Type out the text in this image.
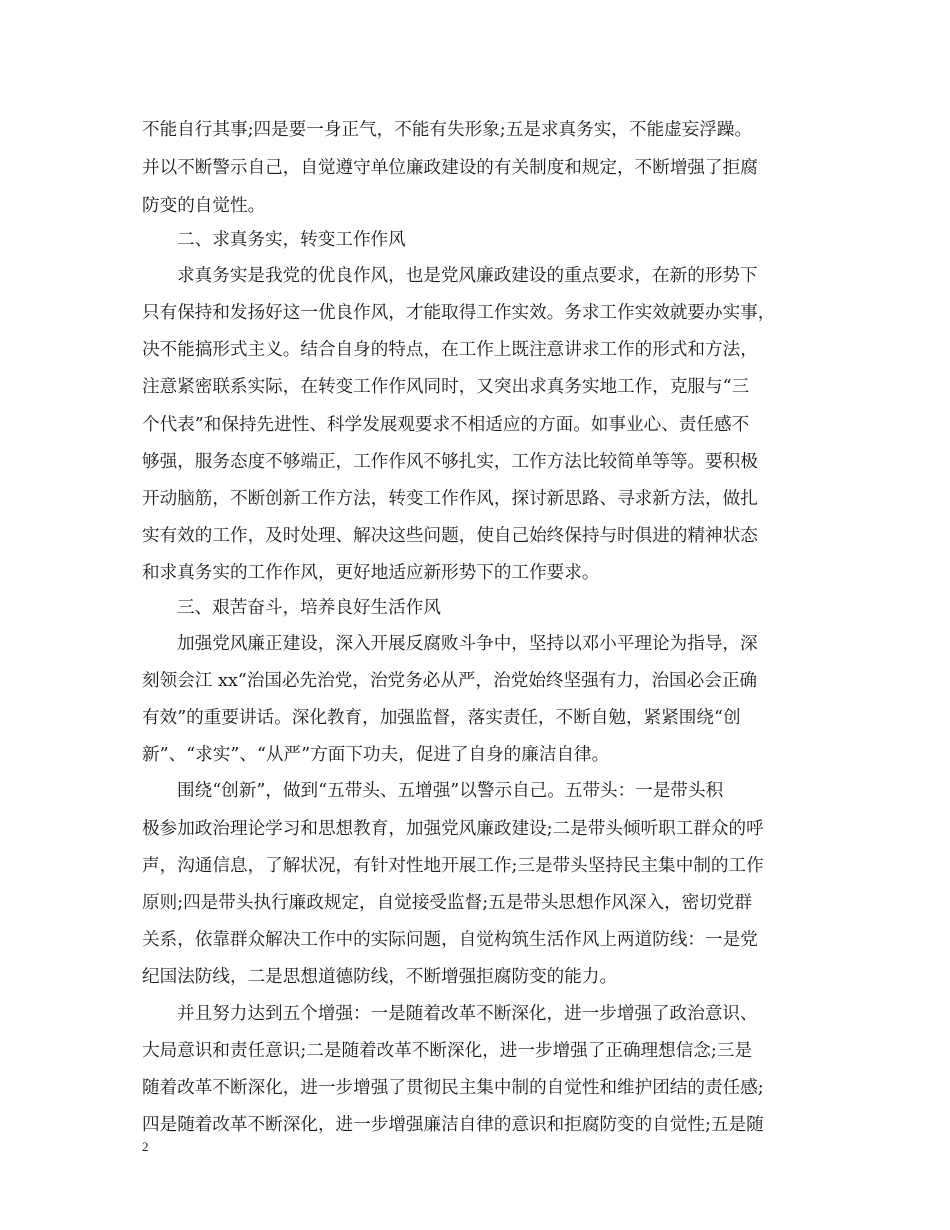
不能自行其事;四是要一身正气，不能有失形象;五是求真务实，不能虚妄浮躁。
并以不断警示自己，自觉遵守单位廉政建设的有关制度和规定，不断增强了拒腐
防变的自觉性。
二、求真务实，转变工作作风
求真务实是我党的优良作风，也是党风廉政建设的重点要求，在新的形势下
只有保持和发扬好这一优良作风，才能取得工作实效。务求工作实效就要办实事，
决不能搞形式主义。结合自身的特点，在工作上既注意讲求工作的形式和方法，
注意紧密联系实际，在转变工作作风同时，又突出求真务实地工作，克服与“三
个代表”和保持先进性、科学发展观要求不相适应的方面。如事业心、责任感不
够强，服务态度不够端正，工作作风不够扎实，工作方法比较简单等等。要积极
开动脑筋，不断创新工作方法，转变工作作风，探讨新思路、寻求新方法，做扎
实有效的工作，及时处理、解决这些问题，使自己始终保持与时俱进的精神状态
和求真务实的工作作风，更好地适应新形势下的工作要求。
三、艰苦奋斗，培养良好生活作风
加强党风廉正建设，深入开展反腐败斗争中，坚持以邓小平理论为指导，深
刻领会江 xx“治国必先治党，治党务必从严，治党始终坚强有力，治国必会正确
有效”的重要讲话。深化教育，加强监督，落实责任，不断自勉，紧紧围绕“创
新”、“求实”、“从严”方面下功夫，促进了自身的廉洁自律。
围绕“创新”，做到“五带头、五增强”以警示自己。五带头：一是带头积
极参加政治理论学习和思想教育，加强党风廉政建设;二是带头倾听职工群众的呼
声，沟通信息，了解状况，有针对性地开展工作;三是带头坚持民主集中制的工作
原则;四是带头执行廉政规定，自觉接受监督;五是带头思想作风深入，密切党群
关系，依靠群众解决工作中的实际问题，自觉构筑生活作风上两道防线：一是党
纪国法防线，二是思想道德防线，不断增强拒腐防变的能力。
并且努力达到五个增强：一是随着改革不断深化，进一步增强了政治意识、
大局意识和责任意识;二是随着改革不断深化，进一步增强了正确理想信念;三是
随着改革不断深化，进一步增强了贯彻民主集中制的自觉性和维护团结的责任感;
四是随着改革不断深化，进一步增强廉洁自律的意识和拒腐防变的自觉性;五是随
2
